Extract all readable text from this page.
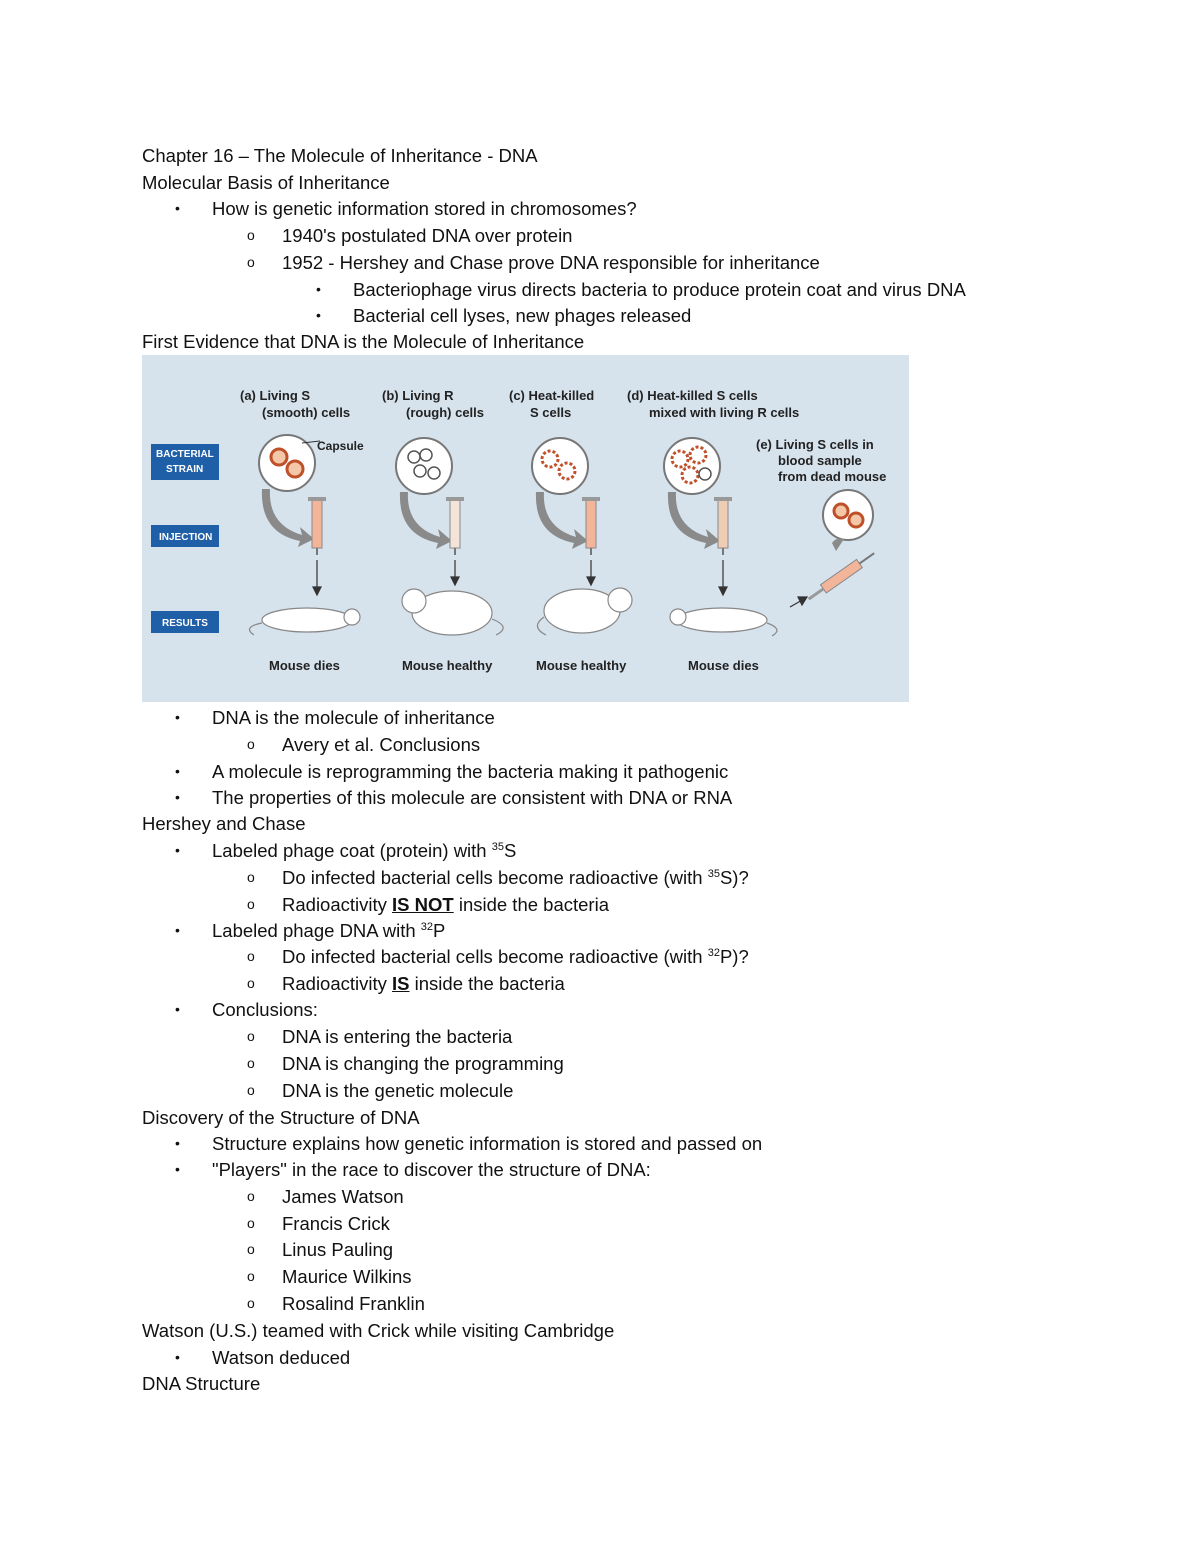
Chapter 16 – The Molecule of Inheritance - DNA
Molecular Basis of Inheritance
• How is genetic information stored in chromosomes?
o 1940's postulated DNA over protein
o 1952 - Hershey and Chase prove DNA responsible for inheritance
• Bacteriophage virus directs bacteria to produce protein coat and virus DNA
• Bacterial cell lyses, new phages released
First Evidence that DNA is the Molecule of Inheritance
BACTERIAL
STRAIN
INJECTION
RESULTS
(a) Living S
(smooth) cells
(b) Living R
(rough) cells
(c) Heat-killed
S cells
(d) Heat-killed S cells
mixed with living R cells
(e) Living S cells in
blood sample
from dead mouse
Capsule
Mouse dies	Mouse healthy	Mouse healthy	Mouse dies
• DNA is the molecule of inheritance
o Avery et al. Conclusions
• A molecule is reprogramming the bacteria making it pathogenic
• The properties of this molecule are consistent with DNA or RNA
Hershey and Chase
• Labeled phage coat (protein) with $^{35}$S
o Do infected bacterial cells become radioactive (with $^{35}$S)?
o Radioactivity IS NOT inside the bacteria
• Labeled phage DNA with $^{32}$P
o Do infected bacterial cells become radioactive (with $^{32}$P)?
o Radioactivity IS inside the bacteria
• Conclusions:
o DNA is entering the bacteria
o DNA is changing the programming
o DNA is the genetic molecule
Discovery of the Structure of DNA
• Structure explains how genetic information is stored and passed on
• "Players" in the race to discover the structure of DNA:
o James Watson
o Francis Crick
o Linus Pauling
o Maurice Wilkins
o Rosalind Franklin
Watson (U.S.) teamed with Crick while visiting Cambridge
• Watson deduced
DNA Structure
